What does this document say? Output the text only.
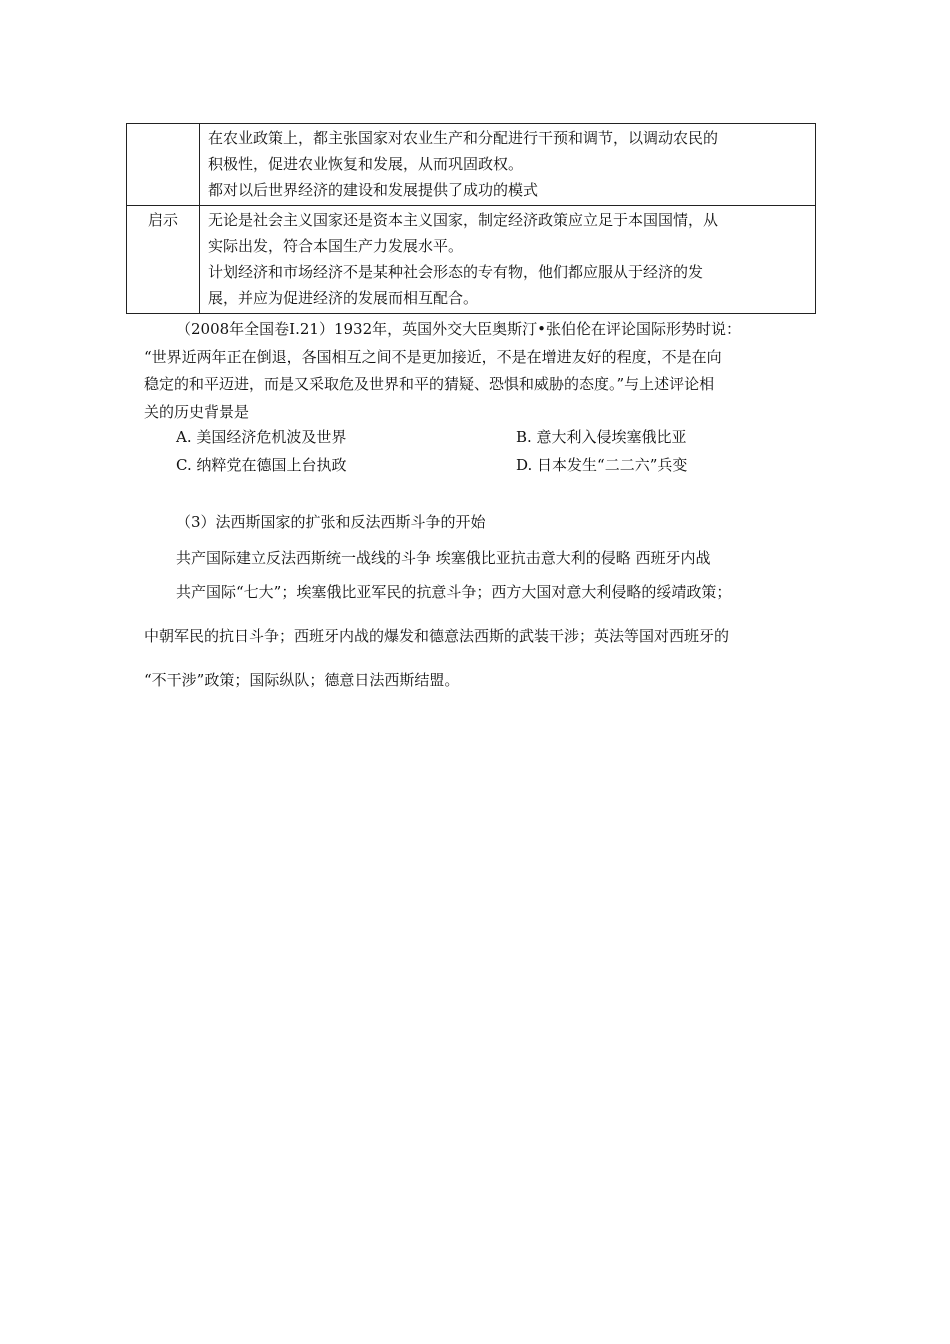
	在农业政策上，都主张国家对农业生产和分配进行干预和调节，以调动农民的
积极性，促进农业恢复和发展，从而巩固政权。
都对以后世界经济的建设和发展提供了成功的模式

启示	无论是社会主义国家还是资本主义国家，制定经济政策应立足于本国国情，从
实际出发，符合本国生产力发展水平。
计划经济和市场经济不是某种社会形态的专有物，他们都应服从于经济的发
展，并应为促进经济的发展而相互配合。
（2008年全国卷Ⅰ.21）1932年，英国外交大臣奥斯汀•张伯伦在评论国际形势时说：
“世界近两年正在倒退，各国相互之间不是更加接近，不是在增进友好的程度，不是在向
稳定的和平迈进，而是又采取危及世界和平的猜疑、恐惧和威胁的态度。”与上述评论相
关的历史背景是
A. 美国经济危机波及世界	B. 意大利入侵埃塞俄比亚
C. 纳粹党在德国上台执政	D. 日本发生“二二六”兵变
（3）法西斯国家的扩张和反法西斯斗争的开始
共产国际建立反法西斯统一战线的斗争 埃塞俄比亚抗击意大利的侵略 西班牙内战
共产国际“七大”；埃塞俄比亚军民的抗意斗争；西方大国对意大利侵略的绥靖政策；
中朝军民的抗日斗争；西班牙内战的爆发和德意法西斯的武装干涉；英法等国对西班牙的
“不干涉”政策；国际纵队；德意日法西斯结盟。
